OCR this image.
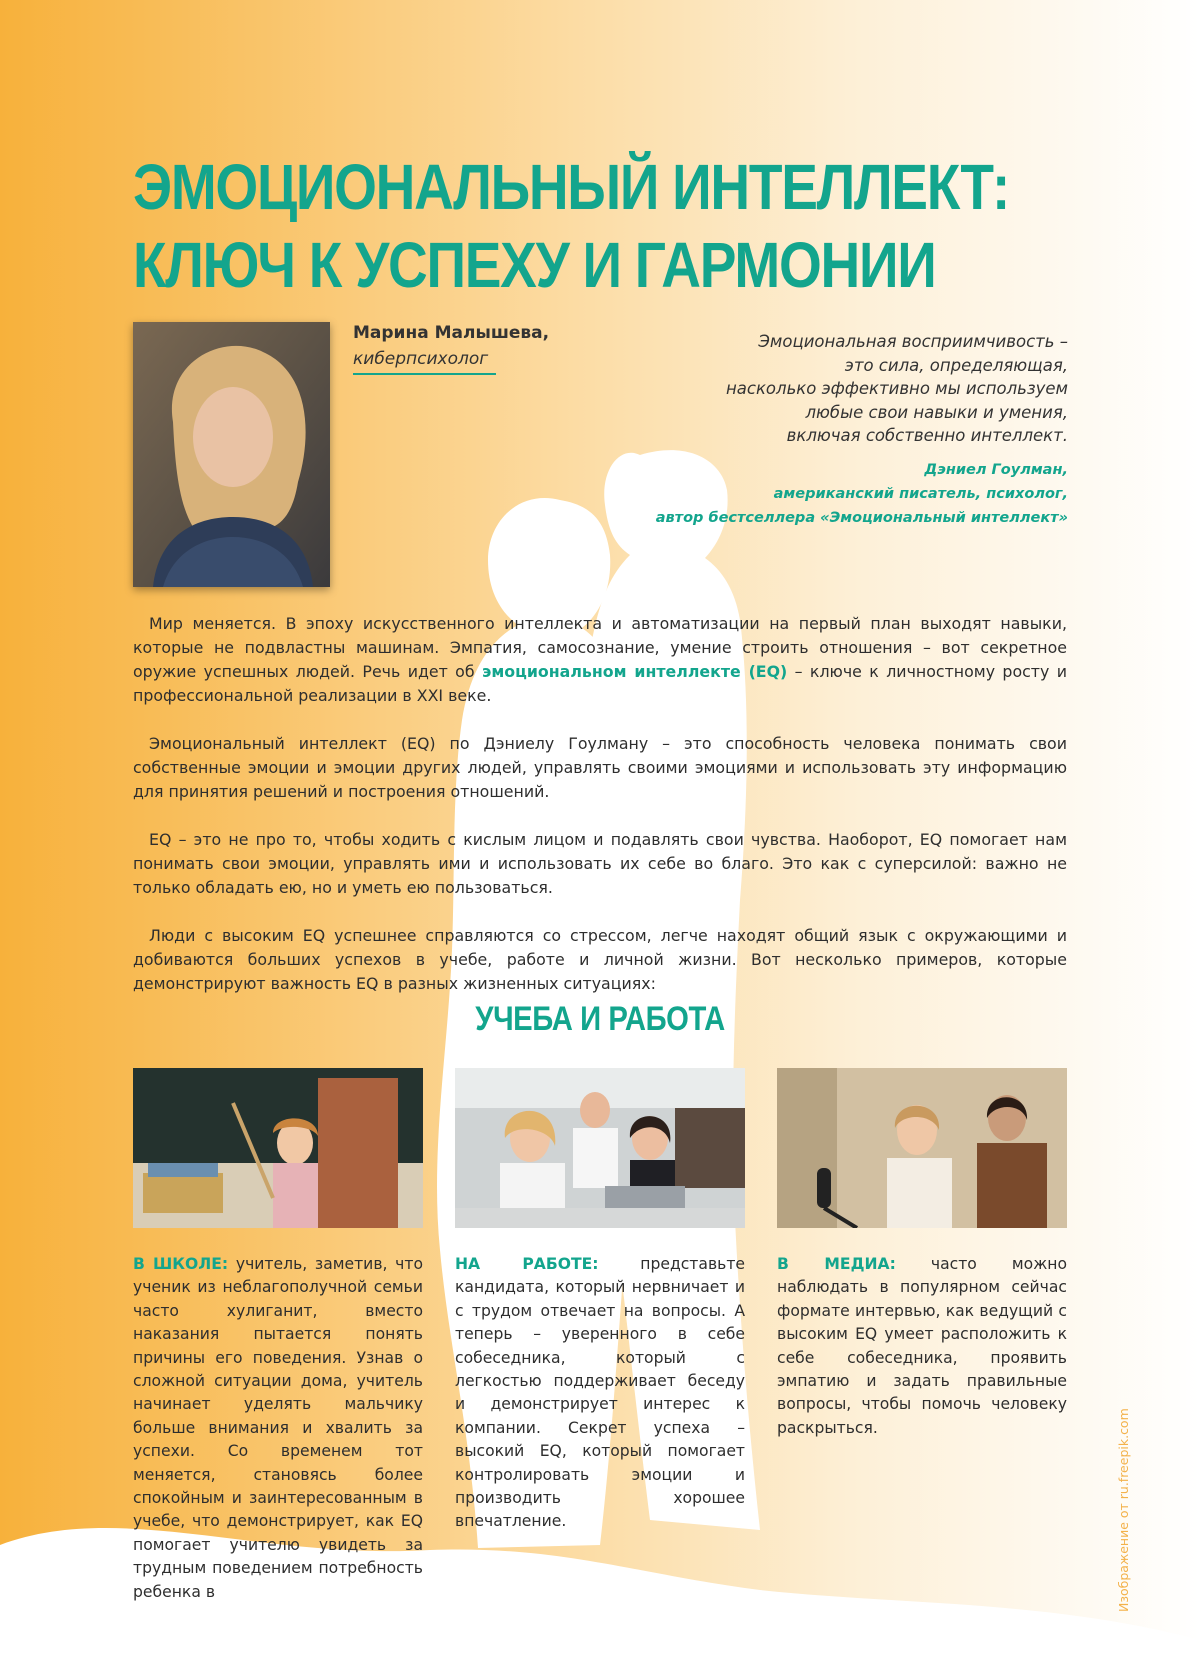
ЭМОЦИОНАЛЬНЫЙ ИНТЕЛЛЕКТ:
КЛЮЧ К УСПЕХУ И ГАРМОНИИ
Марина Малышева,
киберпсихолог
Эмоциональная восприимчивость –
это сила, определяющая,
насколько эффективно мы используем
любые свои навыки и умения,
включая собственно интеллект.
Дэниел Гоулман,
американский писатель, психолог,
автор бестселлера «Эмоциональный интеллект»

Мир меняется. В эпоху искусственного интеллекта и автоматизации на первый план выходят навыки, которые не подвластны машинам. Эмпатия, самосознание, умение строить отношения – вот секретное оружие успешных людей. Речь идет об эмоциональном интеллекте (EQ) – ключе к личностному росту и профессиональной реализации в XXI веке.

Эмоциональный интеллект (EQ) по Дэниелу Гоулману – это способность человека понимать свои собственные эмоции и эмоции других людей, управлять своими эмоциями и использовать эту информацию для принятия решений и построения отношений.

EQ – это не про то, чтобы ходить с кислым лицом и подавлять свои чувства. Наоборот, EQ помогает нам понимать свои эмоции, управлять ими и использовать их себе во благо. Это как с суперсилой: важно не только обладать ею, но и уметь ею пользоваться.

Люди с высоким EQ успешнее справляются со стрессом, легче находят общий язык с окружающими и добиваются больших успехов в учебе, работе и личной жизни. Вот несколько примеров, которые демонстрируют важность EQ в разных жизненных ситуациях:

УЧЕБА И РАБОТА
В ШКОЛЕ: учитель, заметив, что ученик из неблагополучной семьи часто хулиганит, вместо наказания пытается понять причины его поведения. Узнав о сложной ситуации дома, учитель начинает уделять мальчику больше внимания и хвалить за успехи. Со временем тот меняется, становясь более спокойным и заинтересованным в учебе, что демонстрирует, как EQ помогает учителю увидеть за трудным поведением потребность ребенка в
НА РАБОТЕ: представьте кандидата, который нервничает и с трудом отвечает на вопросы. А теперь – уверенного в себе собеседника, который с легкостью поддерживает беседу и демонстрирует интерес к компании. Секрет успеха – высокий EQ, который помогает контролировать эмоции и производить хорошее впечатление.
В МЕДИА: часто можно наблюдать в популярном сейчас формате интервью, как ведущий с высоким EQ умеет расположить к себе собеседника, проявить эмпатию и задать правильные вопросы, чтобы помочь человеку раскрыться.	Изображение от ru.freepik.com
